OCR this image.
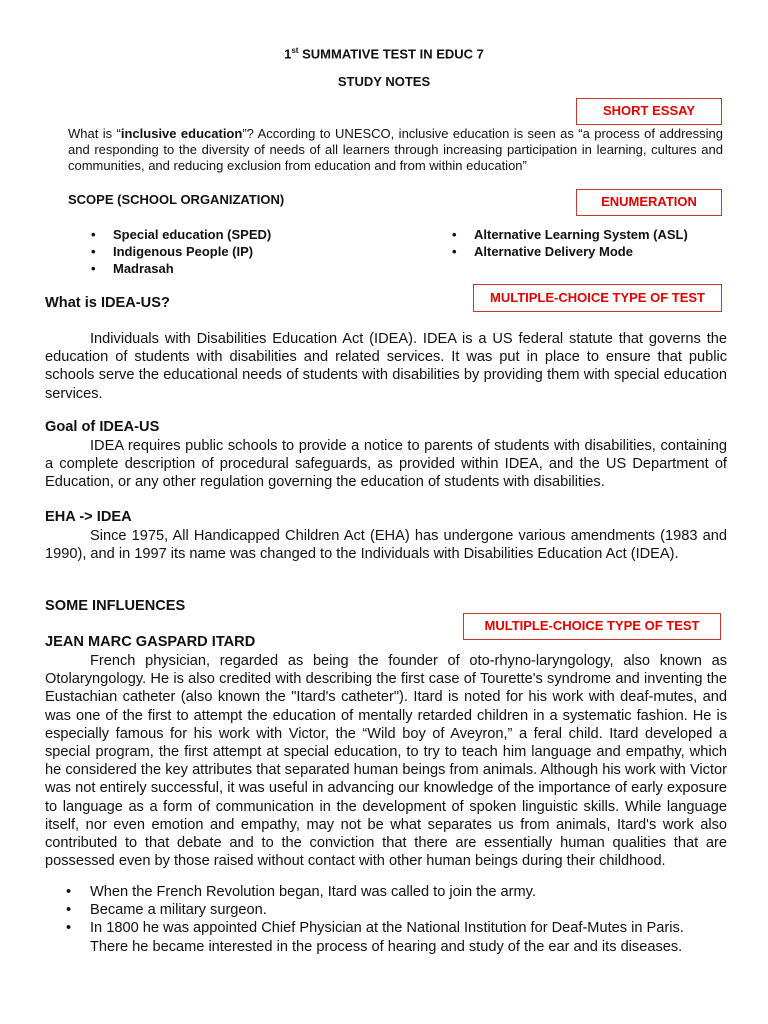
1st SUMMATIVE TEST IN EDUC 7
STUDY NOTES
SHORT ESSAY
ENUMERATION
MULTIPLE-CHOICE TYPE OF TEST
MULTIPLE-CHOICE TYPE OF TEST
What is “inclusive education”? According to UNESCO, inclusive education is seen as “a process of addressing and responding to the diversity of needs of all learners through increasing participation in learning, cultures and communities, and reducing exclusion from education and from within education”
SCOPE (SCHOOL ORGANIZATION)
• Special education (SPED)
• Indigenous People (IP)
• Madrasah
• Alternative Learning System (ASL)
• Alternative Delivery Mode
What is IDEA-US?
Individuals with Disabilities Education Act (IDEA). IDEA is a US federal statute that governs the education of students with disabilities and related services. It was put in place to ensure that public schools serve the educational needs of students with disabilities by providing them with special education services.
Goal of IDEA-US
IDEA requires public schools to provide a notice to parents of students with disabilities, containing a complete description of procedural safeguards, as provided within IDEA, and the US Department of Education, or any other regulation governing the education of students with disabilities.
EHA -> IDEA
Since 1975, All Handicapped Children Act (EHA) has undergone various amendments (1983 and 1990), and in 1997 its name was changed to the Individuals with Disabilities Education Act (IDEA).
SOME INFLUENCES
JEAN MARC GASPARD ITARD
French physician, regarded as being the founder of oto-rhyno-laryngology, also known as Otolaryngology. He is also credited with describing the first case of Tourette's syndrome and inventing the Eustachian catheter (also known the "Itard's catheter"). Itard is noted for his work with deaf-mutes, and was one of the first to attempt the education of mentally retarded children in a systematic fashion. He is especially famous for his work with Victor, the “Wild boy of Aveyron,” a feral child. Itard developed a special program, the first attempt at special education, to try to teach him language and empathy, which he considered the key attributes that separated human beings from animals. Although his work with Victor was not entirely successful, it was useful in advancing our knowledge of the importance of early exposure to language as a form of communication in the development of spoken linguistic skills. While language itself, nor even emotion and empathy, may not be what separates us from animals, Itard's work also contributed to that debate and to the conviction that there are essentially human qualities that are possessed even by those raised without contact with other human beings during their childhood.
• When the French Revolution began, Itard was called to join the army.
• Became a military surgeon.
• In 1800 he was appointed Chief Physician at the National Institution for Deaf-Mutes in Paris. There he became interested in the process of hearing and study of the ear and its diseases.
